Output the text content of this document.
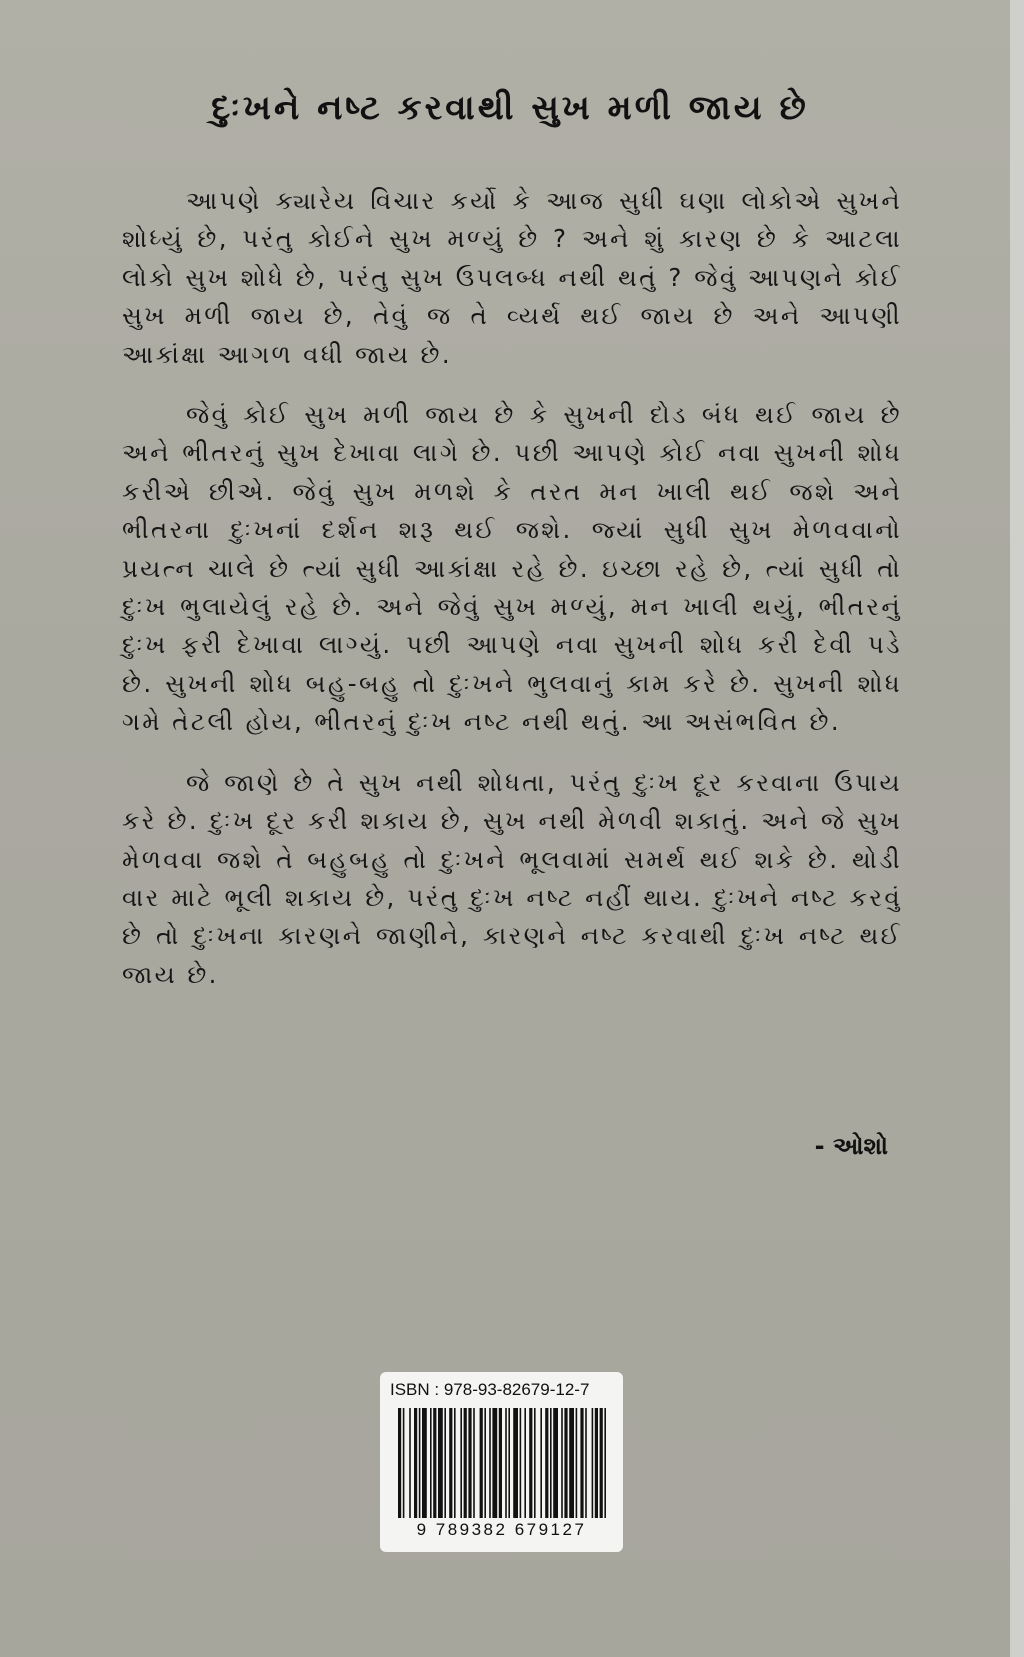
દુઃખને નષ્ટ કરવાથી સુખ મળી જાય છે

આપણે ક્યારેય વિચાર કર્યો કે આજ સુધી ઘણા લોકોએ સુખને શોધ્યું છે, પરંતુ કોઈને સુખ મળ્યું છે ? અને શું કારણ છે કે આટલા લોકો સુખ શોધે છે, પરંતુ સુખ ઉપલબ્ધ નથી થતું ? જેવું આપણને કોઈ સુખ મળી જાય છે, તેવું જ તે વ્યર્થ થઈ જાય છે અને આપણી આકાંક્ષા આગળ વધી જાય છે.

જેવું કોઈ સુખ મળી જાય છે કે સુખની દોડ બંધ થઈ જાય છે અને ભીતરનું સુખ દેખાવા લાગે છે. પછી આપણે કોઈ નવા સુખની શોધ કરીએ છીએ. જેવું સુખ મળશે કે તરત મન ખાલી થઈ જશે અને ભીતરના દુઃખનાં દર્શન શરૂ થઈ જશે. જ્યાં સુધી સુખ મેળવવાનો પ્રયત્ન ચાલે છે ત્યાં સુધી આકાંક્ષા રહે છે. ઇચ્છા રહે છે, ત્યાં સુધી તો દુઃખ ભુલાયેલું રહે છે. અને જેવું સુખ મળ્યું, મન ખાલી થયું, ભીતરનું દુઃખ ફરી દેખાવા લાગ્યું. પછી આપણે નવા સુખની શોધ કરી દેવી પડે છે. સુખની શોધ બહુ-બહુ તો દુઃખને ભુલવાનું કામ કરે છે. સુખની શોધ ગમે તેટલી હોય, ભીતરનું દુઃખ નષ્ટ નથી થતું. આ અસંભવિત છે.

જે જાણે છે તે સુખ નથી શોધતા, પરંતુ દુઃખ દૂર કરવાના ઉપાય કરે છે. દુઃખ દૂર કરી શકાય છે, સુખ નથી મેળવી શકાતું. અને જે સુખ મેળવવા જશે તે બહુબહુ તો દુઃખને ભૂલવામાં સમર્થ થઈ શકે છે. થોડી વાર માટે ભૂલી શકાય છે, પરંતુ દુઃખ નષ્ટ નહીં થાય. દુઃખને નષ્ટ કરવું છે તો દુઃખના કારણને જાણીને, કારણને નષ્ટ કરવાથી દુઃખ નષ્ટ થઈ જાય છે.

- ઓશો
ISBN : 978-93-82679-12-7
9 789382 679127
